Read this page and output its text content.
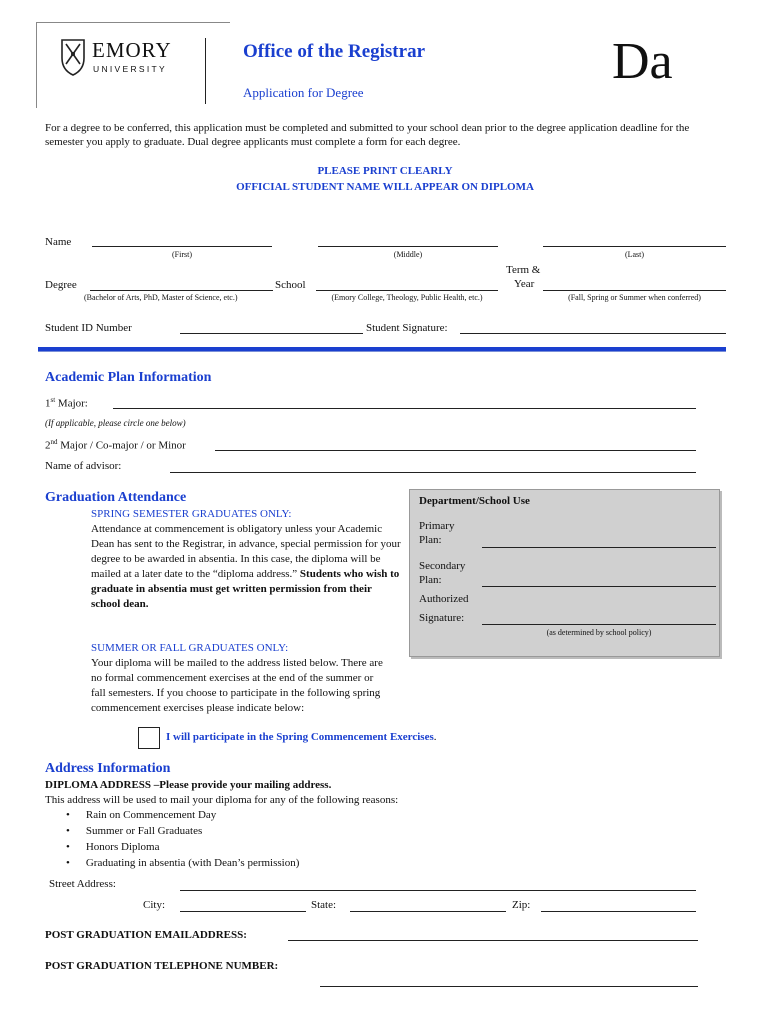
EMORY
UNIVERSITY
Office of the Registrar
Application for Degree
Da
For a degree to be conferred, this application must be completed and submitted to your school dean prior to the degree application deadline for the semester you apply to graduate. Dual degree applicants must complete a form for each degree.
PLEASE PRINT CLEARLY
OFFICIAL STUDENT NAME WILL APPEAR ON DIPLOMA
Name
(First)	(Middle)	(Last)
Degree	School
Term &
Year
(Bachelor of Arts, PhD, Master of Science, etc.)	(Emory College, Theology, Public Health, etc.)	(Fall, Spring or Summer when conferred)
Student ID Number	Student Signature:
Academic Plan Information
1st Major:
(If applicable, please circle one below)
2nd Major / Co-major / or Minor
Name of advisor:
Graduation Attendance
SPRING SEMESTER GRADUATES ONLY:
Attendance at commencement is obligatory unless your Academic Dean has sent to the Registrar, in advance, special permission for your degree to be awarded in absentia. In this case, the diploma will be mailed at a later date to the “diploma address.” Students who wish to graduate in absentia must get written permission from their school dean.
SUMMER OR FALL GRADUATES ONLY:
Your diploma will be mailed to the address listed below. There are no formal commencement exercises at the end of the summer or fall semesters. If you choose to participate in the following spring commencement exercises please indicate below:
I will participate in the Spring Commencement Exercises.
Department/School Use
Primary
Plan:
Secondary
Plan:
Authorized
Signature:
(as determined by school policy)
Address Information
DIPLOMA ADDRESS –Please provide your mailing address.
This address will be used to mail your diploma for any of the following reasons:
• Rain on Commencement Day
• Summer or Fall Graduates
• Honors Diploma
• Graduating in absentia (with Dean’s permission)
Street Address:
City:	State:	Zip:
POST GRADUATION EMAILADDRESS:
POST GRADUATION TELEPHONE NUMBER:
